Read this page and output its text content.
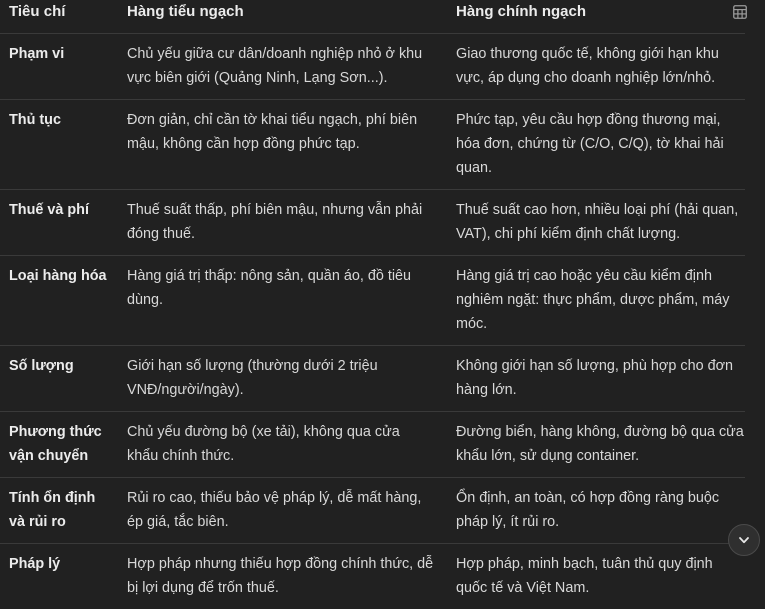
Tiêu chí	Hàng tiểu ngạch	Hàng chính ngạch
Phạm vi	Chủ yếu giữa cư dân/doanh nghiệp nhỏ ở khu vực biên giới (Quảng Ninh, Lạng Sơn...).	Giao thương quốc tế, không giới hạn khu vực, áp dụng cho doanh nghiệp lớn/nhỏ.
Thủ tục	Đơn giản, chỉ cần tờ khai tiểu ngạch, phí biên mậu, không cần hợp đồng phức tạp.	Phức tạp, yêu cầu hợp đồng thương mại, hóa đơn, chứng từ (C/O, C/Q), tờ khai hải quan.
Thuế và phí	Thuế suất thấp, phí biên mậu, nhưng vẫn phải đóng thuế.	Thuế suất cao hơn, nhiều loại phí (hải quan, VAT), chi phí kiểm định chất lượng.
Loại hàng hóa	Hàng giá trị thấp: nông sản, quần áo, đồ tiêu dùng.	Hàng giá trị cao hoặc yêu cầu kiểm định nghiêm ngặt: thực phẩm, dược phẩm, máy móc.
Số lượng	Giới hạn số lượng (thường dưới 2 triệu VNĐ/người/ngày).	Không giới hạn số lượng, phù hợp cho đơn hàng lớn.
Phương thức vận chuyển	Chủ yếu đường bộ (xe tải), không qua cửa khẩu chính thức.	Đường biển, hàng không, đường bộ qua cửa khẩu lớn, sử dụng container.
Tính ổn định và rủi ro	Rủi ro cao, thiếu bảo vệ pháp lý, dễ mất hàng, ép giá, tắc biên.	Ổn định, an toàn, có hợp đồng ràng buộc pháp lý, ít rủi ro.
Pháp lý	Hợp pháp nhưng thiếu hợp đồng chính thức, dễ bị lợi dụng để trốn thuế.	Hợp pháp, minh bạch, tuân thủ quy định quốc tế và Việt Nam.
